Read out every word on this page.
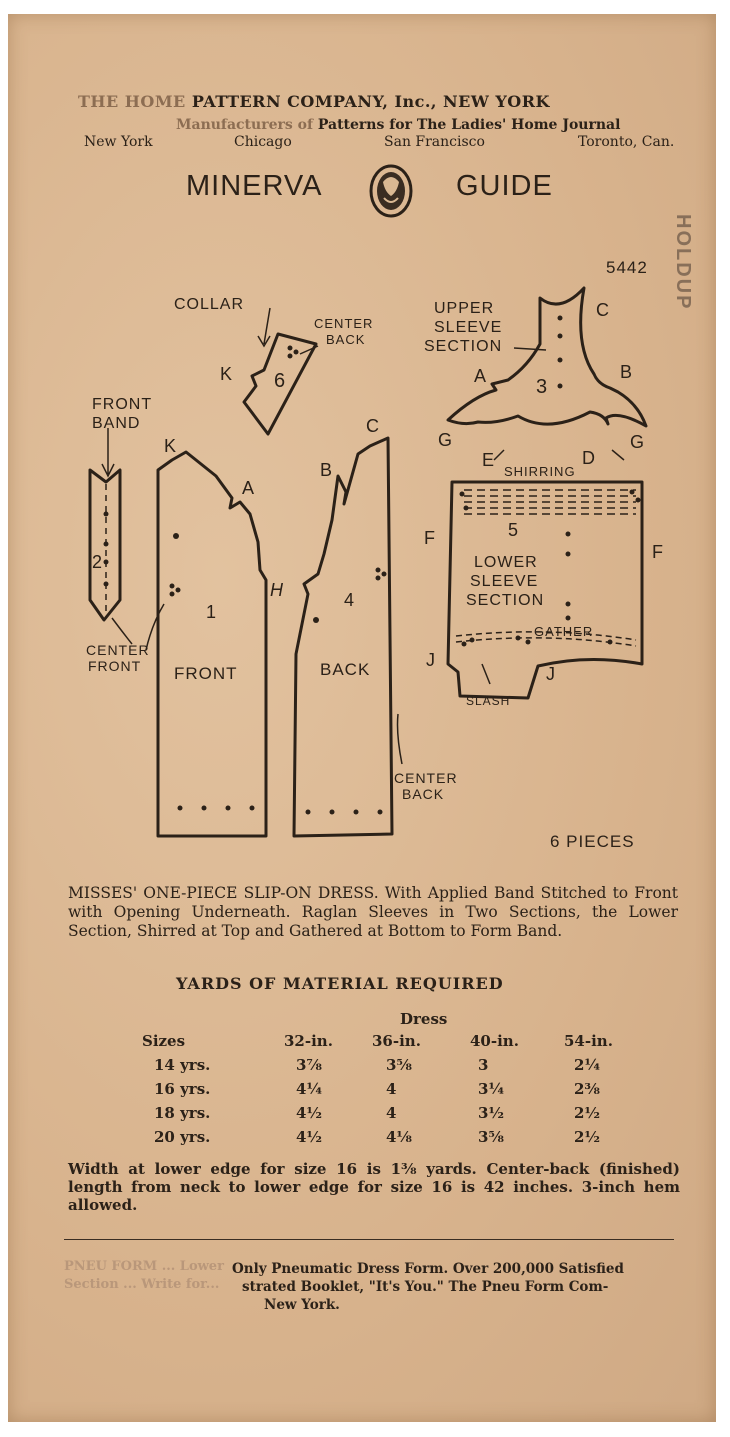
THE HOME PATTERN COMPANY, Inc., NEW YORK
Manufacturers of Patterns for The Ladies' Home Journal
New York	Chicago	San Francisco	Toronto, Can.
MINERVA	GUIDE
5442	HOLDUP
COLLAR
CENTER
BACK
6
K
UPPER
SLEEVE
SECTION
C
A	B
G	G
3
FRONT
BAND
2
CENTER
FRONT
K
A
1
FRONT
H
B
C
4
BACK
CENTER
BACK
E	D
SHIRRING
5
LOWER
SLEEVE
SECTION
F
F
GATHER
J
J
SLASH
6 PIECES
MISSES' ONE-PIECE SLIP-ON DRESS. With Applied Band Stitched to Front with Opening Underneath. Raglan Sleeves in Two Sections, the Lower Section, Shirred at Top and Gathered at Bottom to Form Band.
YARDS OF MATERIAL REQUIRED
Dress
Sizes	32-in.	36-in.	40-in.	54-in.
14 yrs.	3⅞	3⅝	3	2¼
16 yrs.	4¼	4	3¼	2⅜
18 yrs.	4½	4	3½	2½
20 yrs.	4½	4⅛	3⅝	2½
Width at lower edge for size 16 is 1⅜ yards. Center-back (finished) length from neck to lower edge for size 16 is 42 inches. 3-inch hem allowed.
PNEU FORM ... Lower Section ... Write for...
Only Pneumatic Dress Form. Over 200,000 Satisfied
strated Booklet, "It's You." The Pneu Form Com-
New York.
